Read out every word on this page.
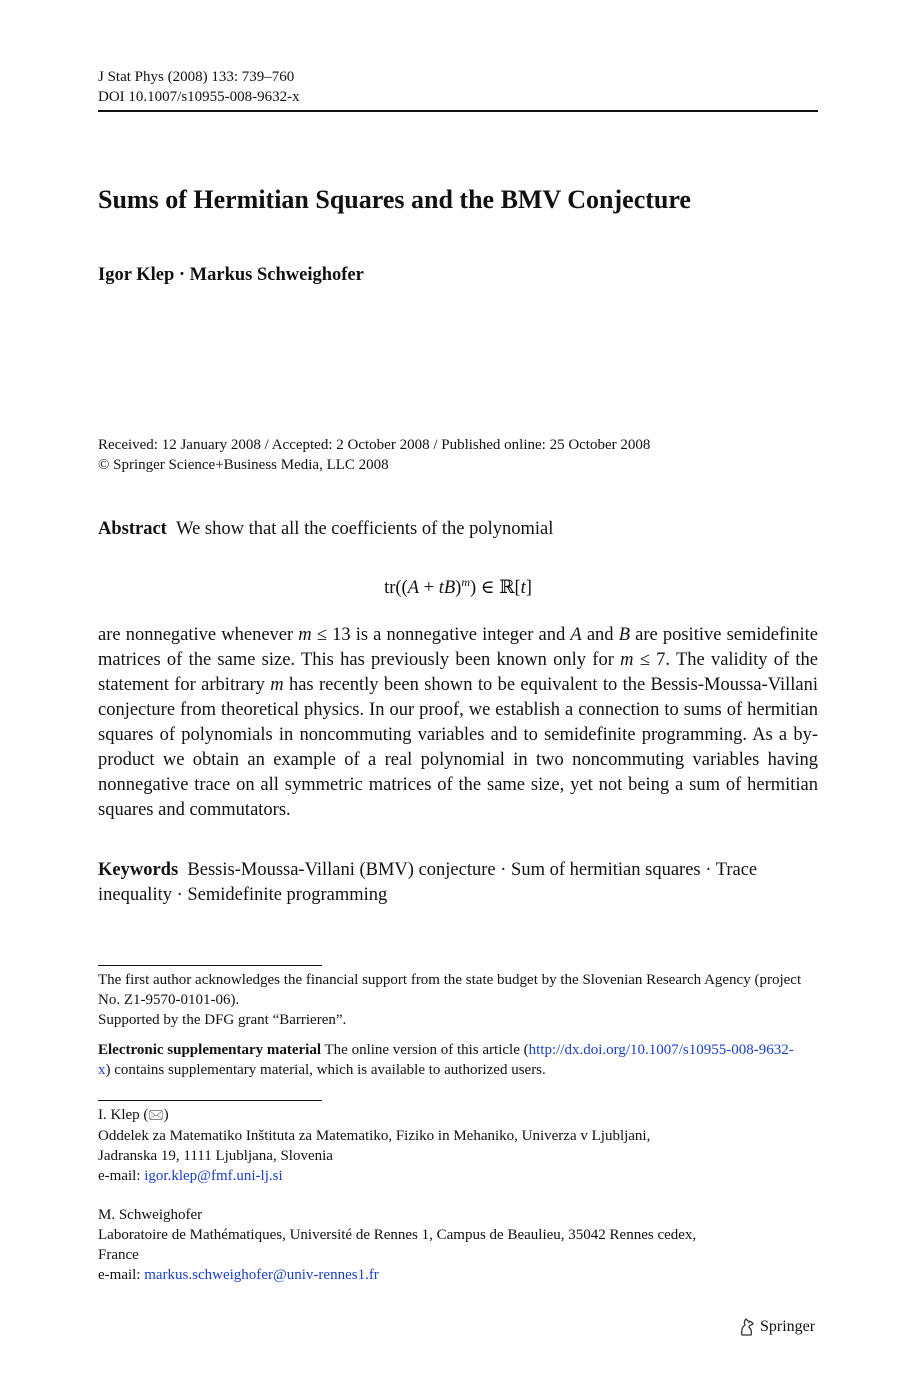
J Stat Phys (2008) 133: 739–760
DOI 10.1007/s10955-008-9632-x
Sums of Hermitian Squares and the BMV Conjecture
Igor Klep · Markus Schweighofer
Received: 12 January 2008 / Accepted: 2 October 2008 / Published online: 25 October 2008
© Springer Science+Business Media, LLC 2008
Abstract We show that all the coefficients of the polynomial
tr((A + tB)$^m$) ∈ ℝ[t]
are nonnegative whenever m ≤ 13 is a nonnegative integer and A and B are positive semidefinite matrices of the same size. This has previously been known only for m ≤ 7. The validity of the statement for arbitrary m has recently been shown to be equivalent to the Bessis-Moussa-Villani conjecture from theoretical physics. In our proof, we establish a connection to sums of hermitian squares of polynomials in noncommuting variables and to semidefinite programming. As a by-product we obtain an example of a real polynomial in two noncommuting variables having nonnegative trace on all symmetric matrices of the same size, yet not being a sum of hermitian squares and commutators.
Keywords Bessis-Moussa-Villani (BMV) conjecture · Sum of hermitian squares · Trace inequality · Semidefinite programming
The first author acknowledges the financial support from the state budget by the Slovenian Research Agency (project No. Z1-9570-0101-06).
Supported by the DFG grant “Barrieren”.
Electronic supplementary material The online version of this article (http://dx.doi.org/10.1007/s10955-008-9632-x) contains supplementary material, which is available to authorized users.
I. Klep (🖂)
Oddelek za Matematiko Inštituta za Matematiko, Fiziko in Mehaniko, Univerza v Ljubljani,
Jadranska 19, 1111 Ljubljana, Slovenia
e-mail: igor.klep@fmf.uni-lj.si
M. Schweighofer
Laboratoire de Mathématiques, Université de Rennes 1, Campus de Beaulieu, 35042 Rennes cedex,
France
e-mail: markus.schweighofer@univ-rennes1.fr
Springer
